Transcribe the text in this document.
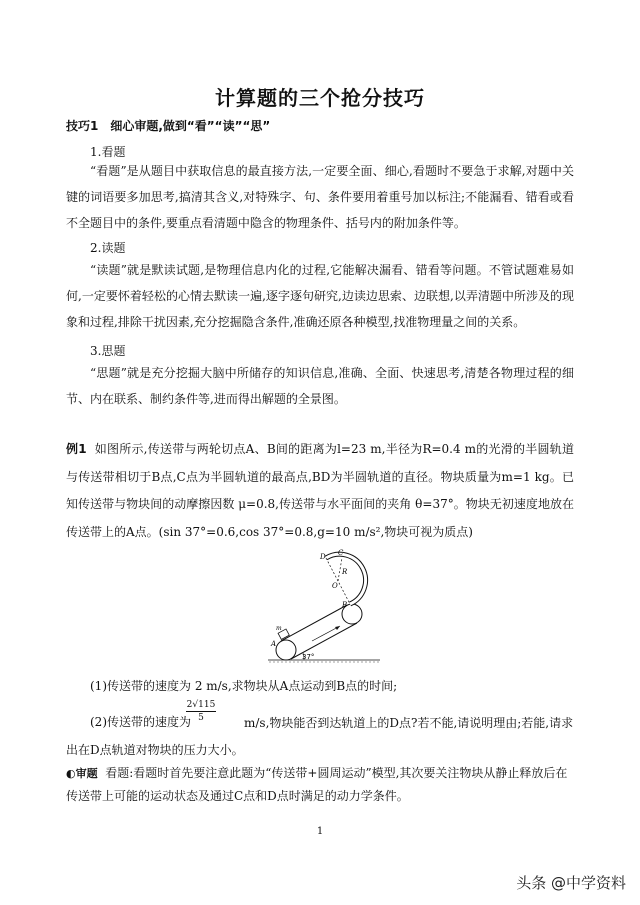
计算题的三个抢分技巧
技巧1　细心审题,做到“看”“读”“思”
1.看题

“看题”是从题目中获取信息的最直接方法,一定要全面、细心,看题时不要急于求解,对题中关键的词语要多加思考,搞清其含义,对特殊字、句、条件要用着重号加以标注;不能漏看、错看或看不全题目中的条件,要重点看清题中隐含的物理条件、括号内的附加条件等。

2.读题

“读题”就是默读试题,是物理信息内化的过程,它能解决漏看、错看等问题。不管试题难易如何,一定要怀着轻松的心情去默读一遍,逐字逐句研究,边读边思索、边联想,以弄清题中所涉及的现象和过程,排除干扰因素,充分挖掘隐含条件,准确还原各种模型,找准物理量之间的关系。

3.思题

“思题”就是充分挖掘大脑中所储存的知识信息,准确、全面、快速思考,清楚各物理过程的细节、内在联系、制约条件等,进而得出解题的全景图。

例1 如图所示,传送带与两轮切点A、B间的距离为l=23 m,半径为R=0.4 m的光滑的半圆轨道与传送带相切于B点,C点为半圆轨道的最高点,BD为半圆轨道的直径。物块质量为m=1 kg。已知传送带与物块间的动摩擦因数 μ=0.8,传送带与水平面间的夹角 θ=37°。物块无初速度地放在传送带上的A点。(sin 37°=0.6,cos 37°=0.8,g=10 m/s²,物块可视为质点)

D C
R
O
B
A
m
37°

(1)传送带的速度为 2 m/s,求物块从A点运动到B点的时间;

$\frac{2√115}{5}$
(2)传送带的速度为	m/s,物块能否到达轨道上的D点?若不能,请说明理由;若能,请求出在D点轨道对物块的压力大小。

◐审题 看题:看题时首先要注意此题为“传送带+圆周运动”模型,其次要关注物块从静止释放后在传送带上可能的运动状态及通过C点和D点时满足的动力学条件。

1
头条 @中学资料
